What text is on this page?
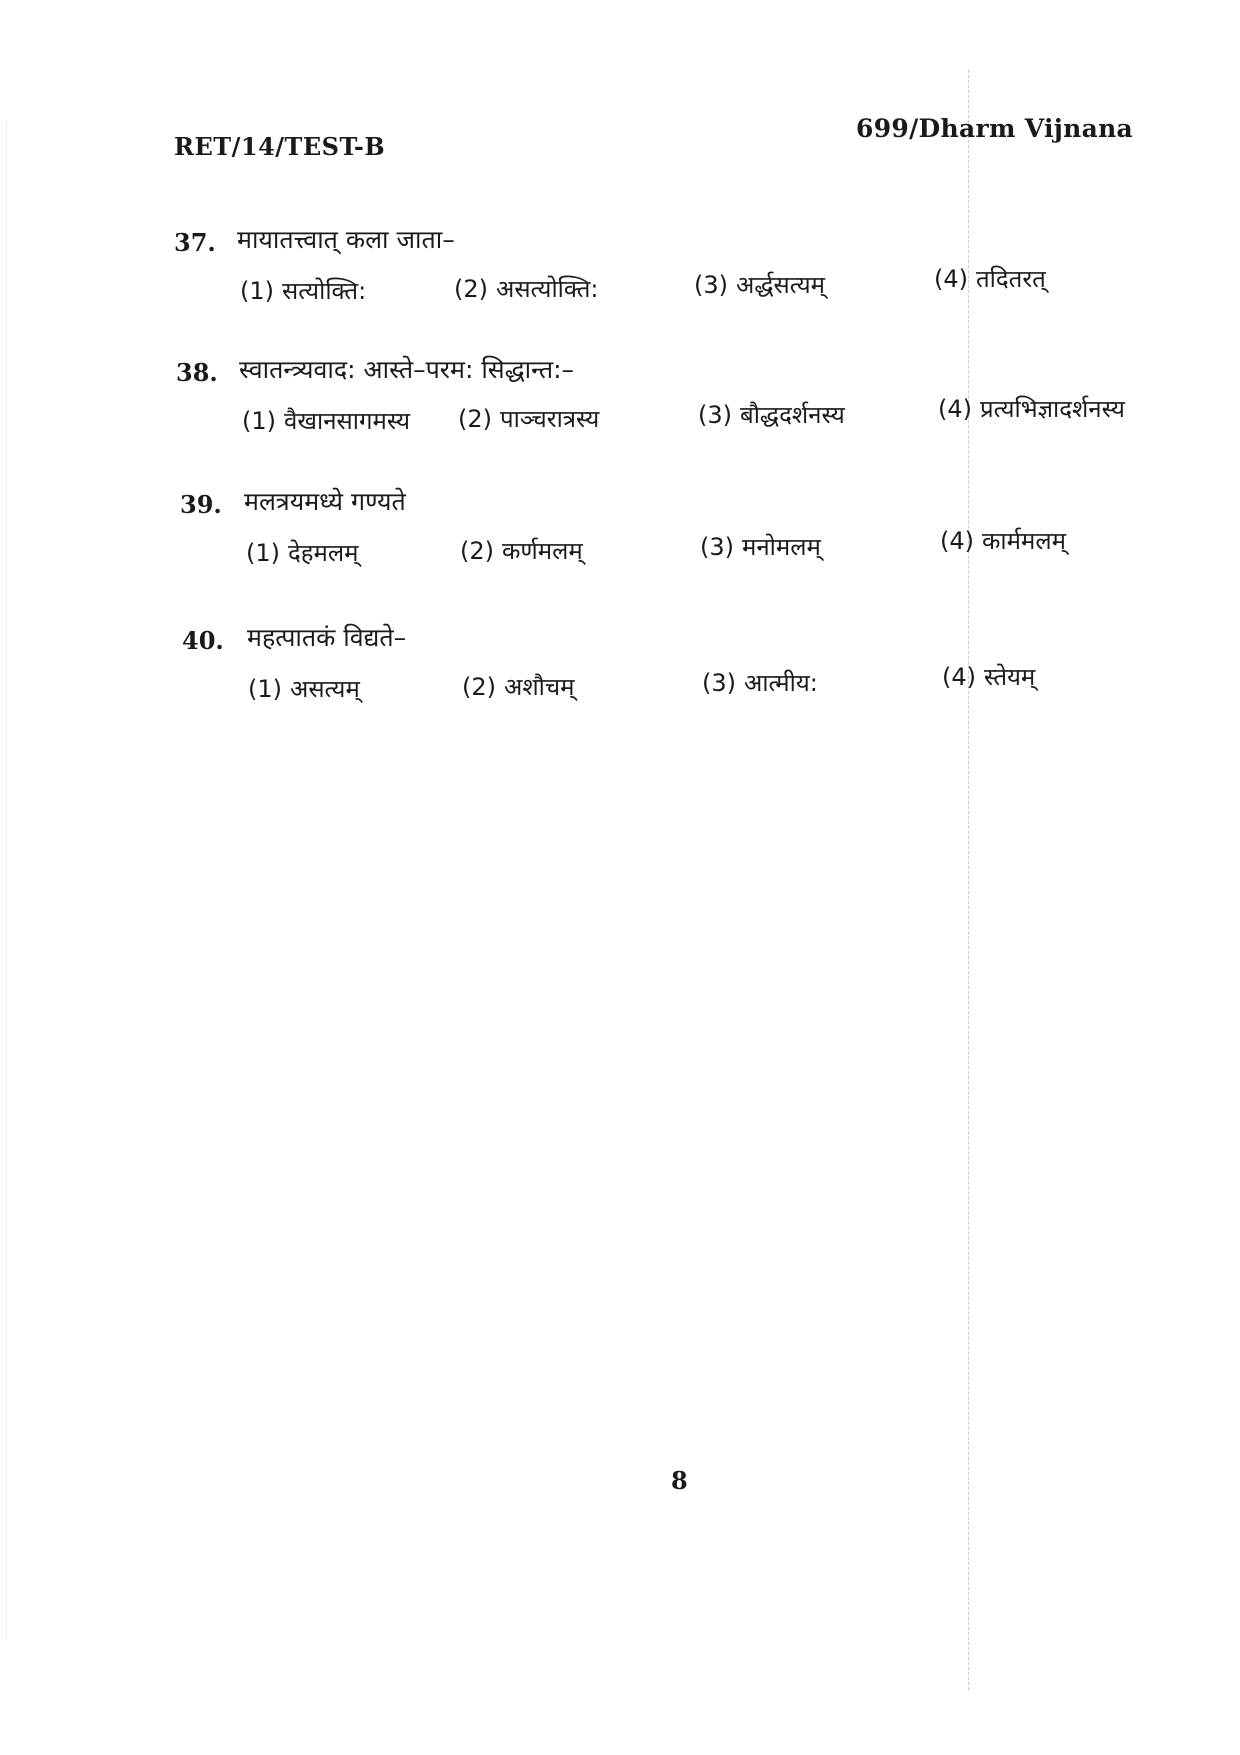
RET/14/TEST-B
699/Dharm Vijnana
37. मायातत्त्वात् कला जाता–
(1) सत्योक्ति:	(2) असत्योक्ति:	(3) अर्द्धसत्यम्	(4) तदितरत्
38. स्वातन्त्र्यवाद: आस्ते–परम: सिद्धान्त:–
(1) वैखानसागमस्य (2) पाञ्चरात्रस्य	(3) बौद्धदर्शनस्य	(4) प्रत्यभिज्ञादर्शनस्य
39. मलत्रयमध्ये गण्यते
(1) देहमलम्	(2) कर्णमलम्	(3) मनोमलम्	(4) कार्ममलम्
40. महत्पातकं विद्यते–
(1) असत्यम्	(2) अशौचम्	(3) आत्मीय:	(4) स्तेयम्
8
